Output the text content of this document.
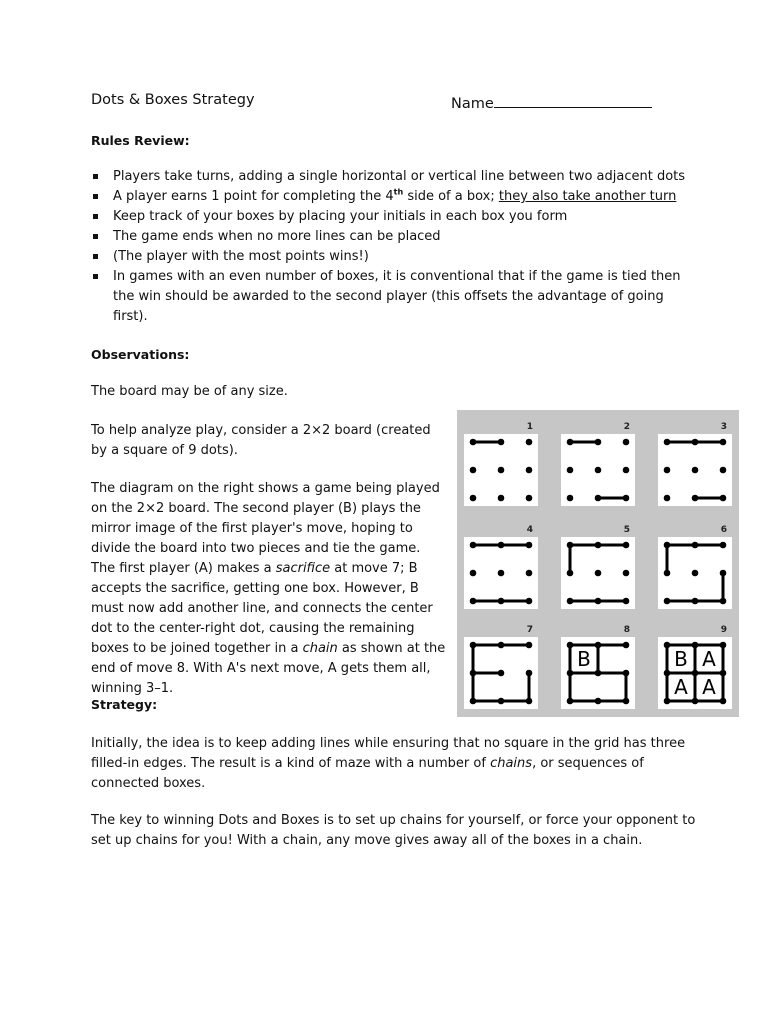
Dots & Boxes Strategy	Name
Rules Review:
Players take turns, adding a single horizontal or vertical line between two adjacent dots
A player earns 1 point for completing the 4th side of a box; they also take another turn
Keep track of your boxes by placing your initials in each box you form
The game ends when no more lines can be placed
(The player with the most points wins!)
In games with an even number of boxes, it is conventional that if the game is tied then the win should be awarded to the second player (this offsets the advantage of going first).
Observations:

The board may be of any size.

To help analyze play, consider a 2×2 board (created by a square of 9 dots).

The diagram on the right shows a game being played on the 2×2 board. The second player (B) plays the mirror image of the first player's move, hoping to divide the board into two pieces and tie the game. The first player (A) makes a sacrifice at move 7; B accepts the sacrifice, getting one box. However, B must now add another line, and connects the center dot to the center-right dot, causing the remaining boxes to be joined together in a chain as shown at the end of move 8. With A's next move, A gets them all, winning 3–1.

1	2	3
4	5	6
7	8	9
B	B A
A A
Strategy:

Initially, the idea is to keep adding lines while ensuring that no square in the grid has three filled-in edges. The result is a kind of maze with a number of chains, or sequences of connected boxes.

The key to winning Dots and Boxes is to set up chains for yourself, or force your opponent to set up chains for you! With a chain, any move gives away all of the boxes in a chain.
